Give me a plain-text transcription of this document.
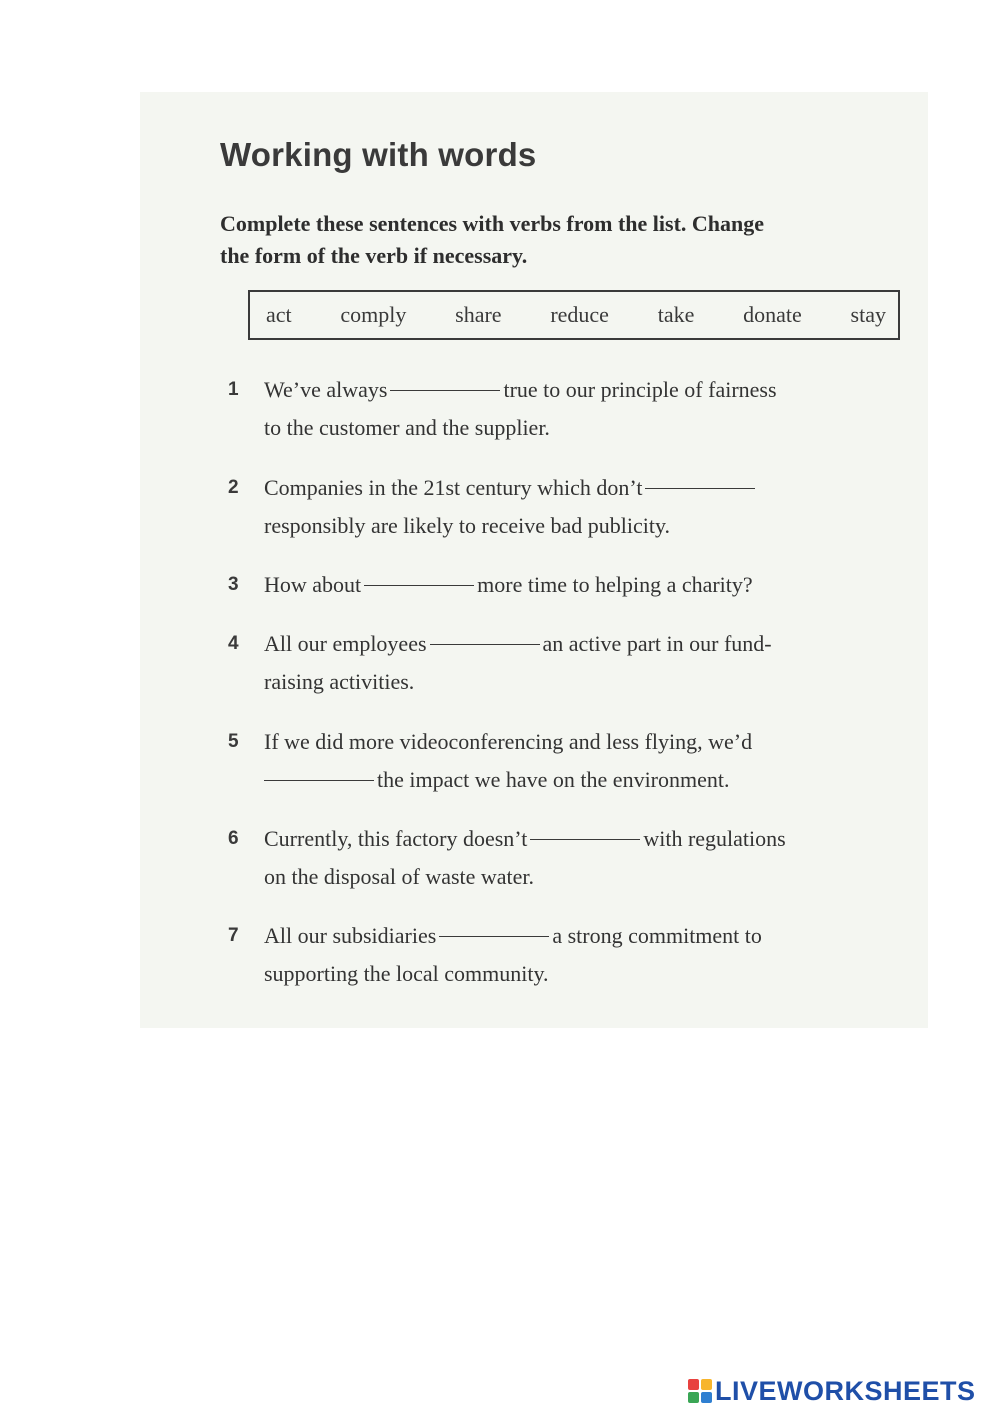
Working with words
Complete these sentences with verbs from the list. Change
the form of the verb if necessary.
act comply share reduce take donate stay
1	We’ve always	true to our principle of fairness
to the customer and the supplier.
2	Companies in the 21st century which don’t
responsibly are likely to receive bad publicity.
3	How about	more time to helping a charity?
4	All our employees	an active part in our fund-
raising activities.
5	If we did more videoconferencing and less flying, we’d
the impact we have on the environment.
6	Currently, this factory doesn’t	with regulations
on the disposal of waste water.
7	All our subsidiaries	a strong commitment to
supporting the local community.
LIVEWORKSHEETS
